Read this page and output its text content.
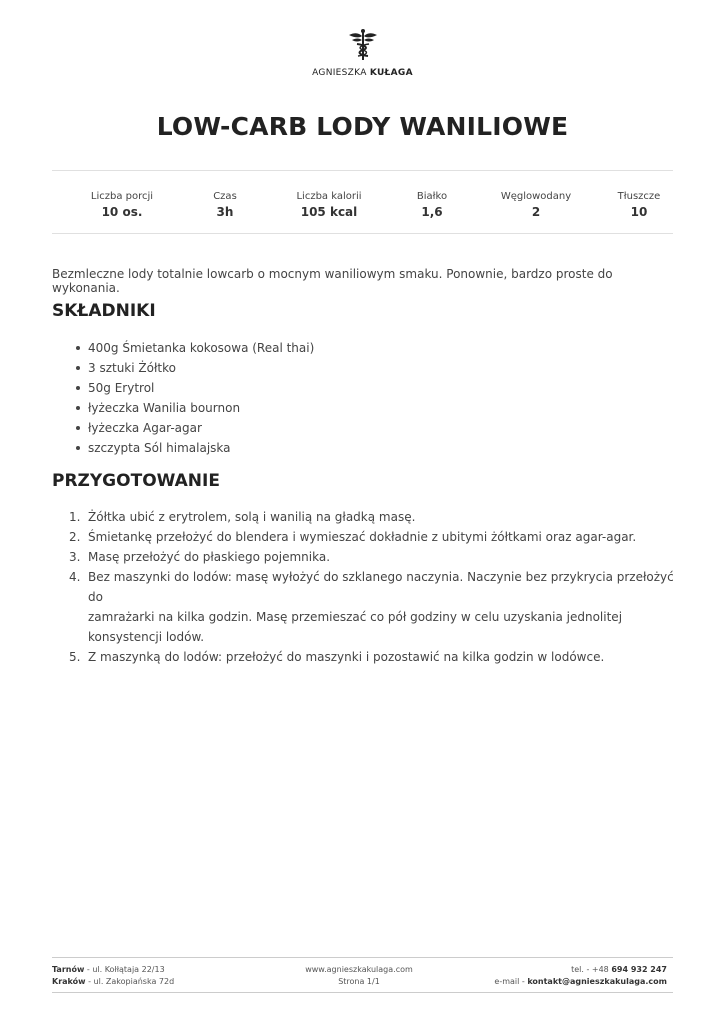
AGNIESZKA KUŁAGA
LOW-CARB LODY WANILIOWE
Liczba porcji
10 os.
Czas
3h
Liczba kalorii
105 kcal
Białko
1,6
Węglowodany
2
Tłuszcze
10
Bezmleczne lody totalnie lowcarb o mocnym waniliowym smaku. Ponownie, bardzo proste do wykonania.
SKŁADNIKI
400g Śmietanka kokosowa (Real thai)
3 sztuki Żółtko
50g Erytrol
łyżeczka Wanilia bournon
łyżeczka Agar-agar
szczypta Sól himalajska
PRZYGOTOWANIE
1. Żółtka ubić z erytrolem, solą i wanilią na gładką masę.
2. Śmietankę przełożyć do blendera i wymieszać dokładnie z ubitymi żółtkami oraz agar-agar.
3. Masę przełożyć do płaskiego pojemnika.
4. Bez maszynki do lodów: masę wyłożyć do szklanego naczynia. Naczynie bez przykrycia przełożyć do
zamrażarki na kilka godzin. Masę przemieszać co pół godziny w celu uzyskania jednolitej
konsystencji lodów.
5. Z maszynką do lodów: przełożyć do maszynki i pozostawić na kilka godzin w lodówce.
Tarnów - ul. Kołłątaja 22/13
Kraków - ul. Zakopiańska 72d
www.agnieszkakulaga.com
Strona 1/1
tel. - +48 694 932 247
e-mail - kontakt@agnieszkakulaga.com
